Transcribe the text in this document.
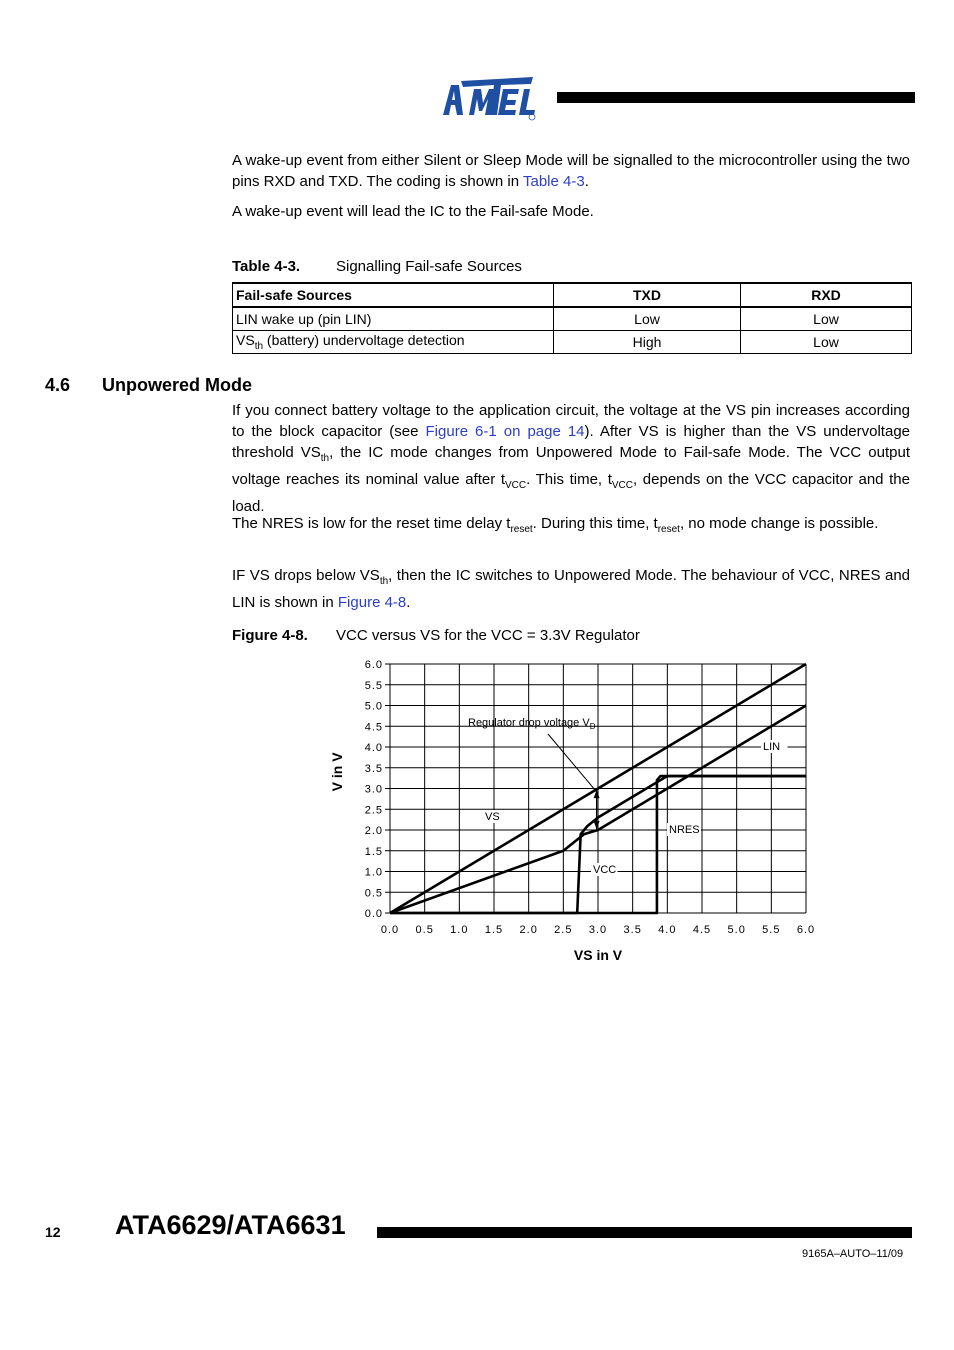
A wake-up event from either Silent or Sleep Mode will be signalled to the microcontroller using the two pins RXD and TXD. The coding is shown in Table 4-3.
A wake-up event will lead the IC to the Fail-safe Mode.
Table 4-3. Signalling Fail-safe Sources
Fail-safe Sources	TXD	RXD
LIN wake up (pin LIN)	Low	Low
$VS_{th}$ (battery) undervoltage detection	High	Low
4.6 Unpowered Mode
If you connect battery voltage to the application circuit, the voltage at the VS pin increases according to the block capacitor (see Figure 6-1 on page 14). After VS is higher than the VS undervoltage threshold $VS_{th}$, the IC mode changes from Unpowered Mode to Fail-safe Mode. The VCC output voltage reaches its nominal value after $t_{VCC}$. This time, $t_{VCC}$, depends on the VCC capacitor and the load.
The NRES is low for the reset time delay $t_{reset}$. During this time, $t_{reset}$, no mode change is possible.
IF VS drops below $VS_{th}$, then the IC switches to Unpowered Mode. The behaviour of VCC, NRES and LIN is shown in Figure 4-8.
Figure 4-8. VCC versus VS for the VCC = 3.3V Regulator
0.0 0.5 1.0 1.5 2.0 2.5 3.0 3.5 4.0 4.5 5.0 5.5 6.0
0.0
0.5
1.0
1.5
2.0
2.5
3.0
3.5
4.0
4.5
5.0
5.5
6.0
VS in V
V in V
Regulator drop voltage $V_D$
LIN
VS
NRES
VCC
12 ATA6629/ATA6631
9165A–AUTO–11/09
